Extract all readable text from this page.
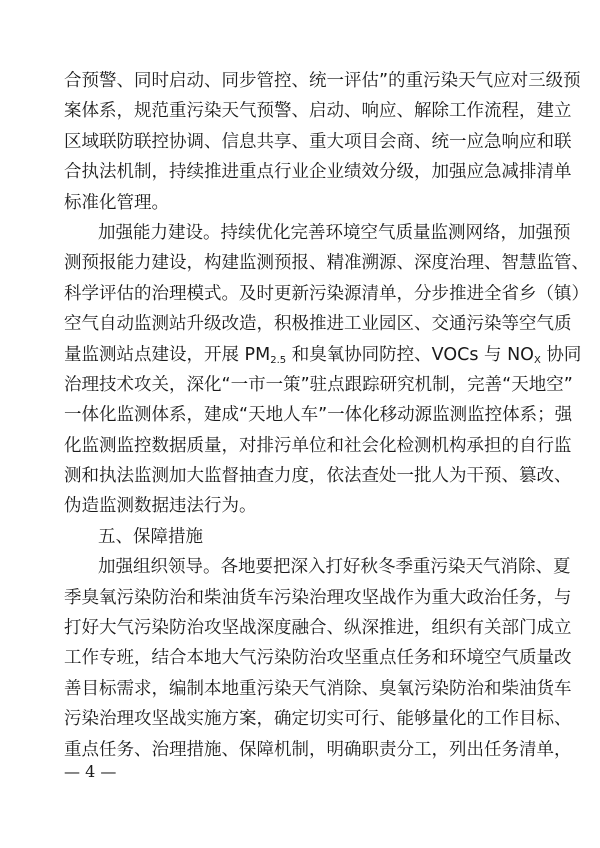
合预警、同时启动、同步管控、统一评估”的重污染天气应对三级预
案体系，规范重污染天气预警、启动、响应、解除工作流程，建立
区域联防联控协调、信息共享、重大项目会商、统一应急响应和联
合执法机制，持续推进重点行业企业绩效分级，加强应急减排清单
标准化管理。
加强能力建设。持续优化完善环境空气质量监测网络，加强预
测预报能力建设，构建监测预报、精准溯源、深度治理、智慧监管、
科学评估的治理模式。及时更新污染源清单，分步推进全省乡（镇）
空气自动监测站升级改造，积极推进工业园区、交通污染等空气质
量监测站点建设，开展 PM2.5 和臭氧协同防控、VOCs 与 NOX 协同
治理技术攻关，深化“一市一策”驻点跟踪研究机制，完善“天地空”
一体化监测体系，建成“天地人车”一体化移动源监测监控体系；强
化监测监控数据质量，对排污单位和社会化检测机构承担的自行监
测和执法监测加大监督抽查力度，依法查处一批人为干预、篡改、
伪造监测数据违法行为。
五、保障措施
加强组织领导。各地要把深入打好秋冬季重污染天气消除、夏
季臭氧污染防治和柴油货车污染治理攻坚战作为重大政治任务，与
打好大气污染防治攻坚战深度融合、纵深推进，组织有关部门成立
工作专班，结合本地大气污染防治攻坚重点任务和环境空气质量改
善目标需求，编制本地重污染天气消除、臭氧污染防治和柴油货车
污染治理攻坚战实施方案，确定切实可行、能够量化的工作目标、
重点任务、治理措施、保障机制，明确职责分工，列出任务清单，
— 4 —
